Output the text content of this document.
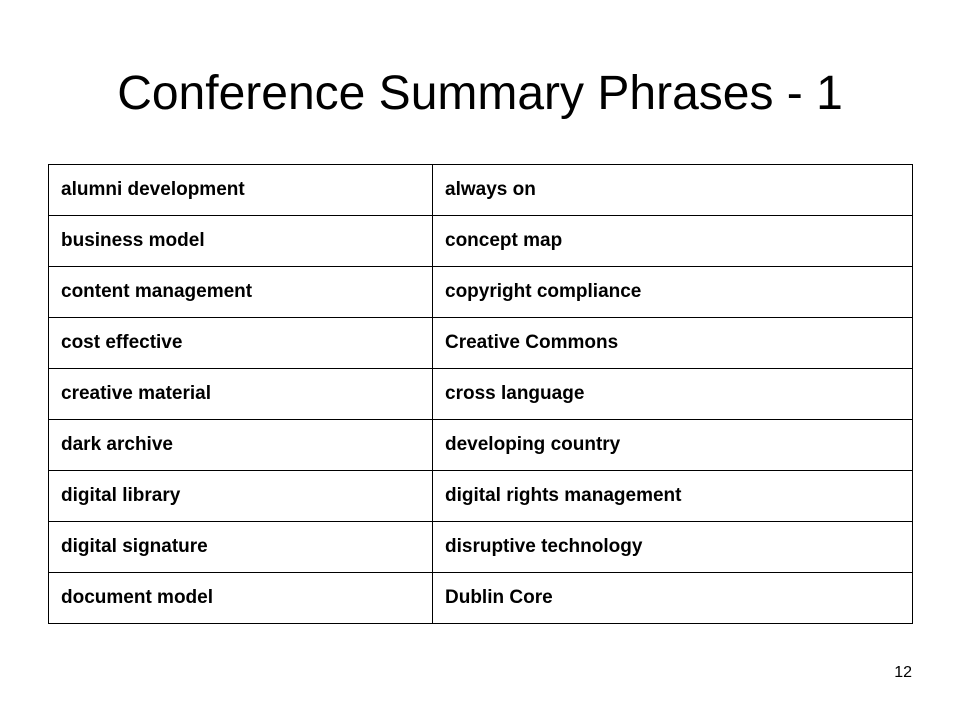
Conference Summary Phrases - 1
alumni development	always on
business model	concept map
content management	copyright compliance
cost effective	Creative Commons
creative material	cross language
dark archive	developing country
digital library	digital rights management
digital signature	disruptive technology
document model	Dublin Core
12
